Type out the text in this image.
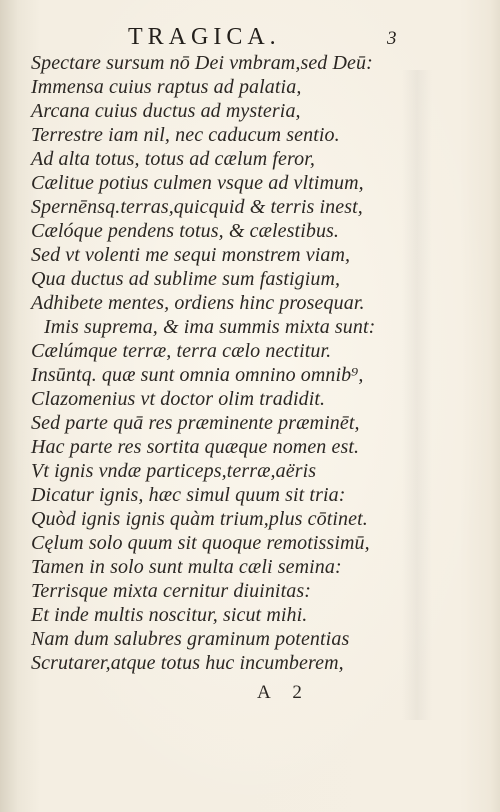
TRAGICA.	3
Spectare sursum nō Dei vmbram,sed Deū:
Immensa cuius raptus ad palatia,
Arcana cuius ductus ad mysteria,
Terrestre iam nil, nec caducum sentio.
Ad alta totus, totus ad cælum feror,
Cælitue potius culmen vsque ad vltimum,
Spernēnsq.terras,quicquid & terris inest,
Cælóque pendens totus, & cælestibus.
Sed vt volenti me sequi monstrem viam,
Qua ductus ad sublime sum fastigium,
Adhibete mentes, ordiens hinc prosequar.
Imis suprema, & ima summis mixta sunt:
Cælúmque terræ, terra cælo nectitur.
Insūntq. quæ sunt omnia omnino omnib⁹,
Clazomenius vt doctor olim tradidit.
Sed parte quā res præminente præminēt,
Hac parte res sortita quæque nomen est.
Vt ignis vndæ particeps,terræ,aëris
Dicatur ignis, hæc simul quum sit tria:
Quòd ignis ignis quàm trium,plus cōtinet.
Cęlum solo quum sit quoque remotissimū,
Tamen in solo sunt multa cæli semina:
Terrisque mixta cernitur diuinitas:
Et inde multis noscitur, sicut mihi.
Nam dum salubres graminum potentias
Scrutarer,atque totus huc incumberem,
A 2
